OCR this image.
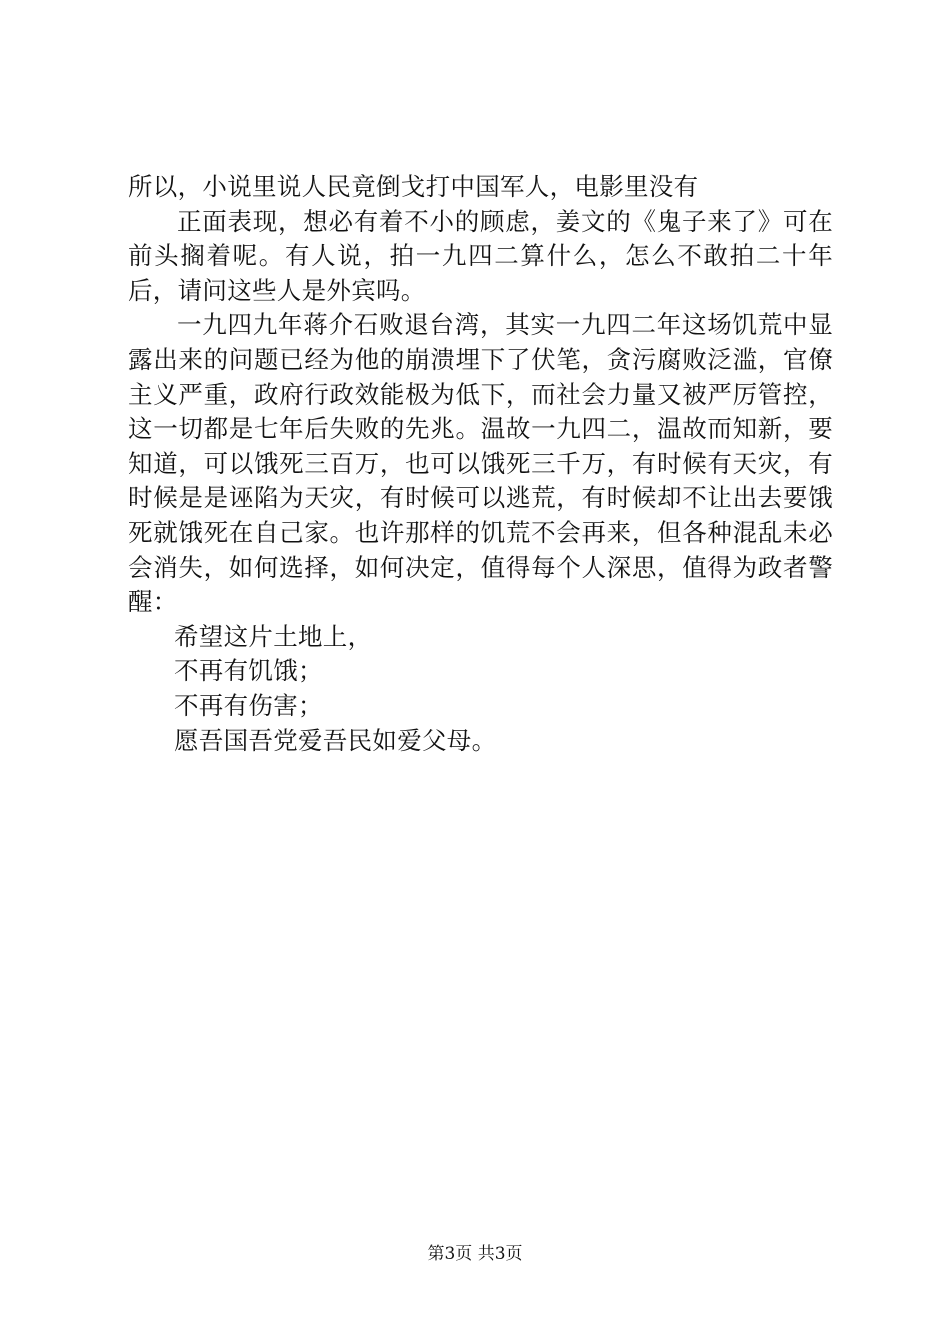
所以，小说里说人民竟倒戈打中国军人，电影里没有

正面表现，想必有着不小的顾虑，姜文的《鬼子来了》可在前头搁着呢。有人说，拍一九四二算什么，怎么不敢拍二十年后，请问这些人是外宾吗。

一九四九年蒋介石败退台湾，其实一九四二年这场饥荒中显露出来的问题已经为他的崩溃埋下了伏笔，贪污腐败泛滥，官僚主义严重，政府行政效能极为低下，而社会力量又被严厉管控，这一切都是七年后失败的先兆。温故一九四二，温故而知新，要知道，可以饿死三百万，也可以饿死三千万，有时候有天灾，有时候是是诬陷为天灾，有时候可以逃荒，有时候却不让出去要饿死就饿死在自己家。也许那样的饥荒不会再来，但各种混乱未必会消失，如何选择，如何决定，值得每个人深思，值得为政者警醒：

希望这片土地上，

不再有饥饿；

不再有伤害；

愿吾国吾党爱吾民如爱父母。

第3页 共3页
